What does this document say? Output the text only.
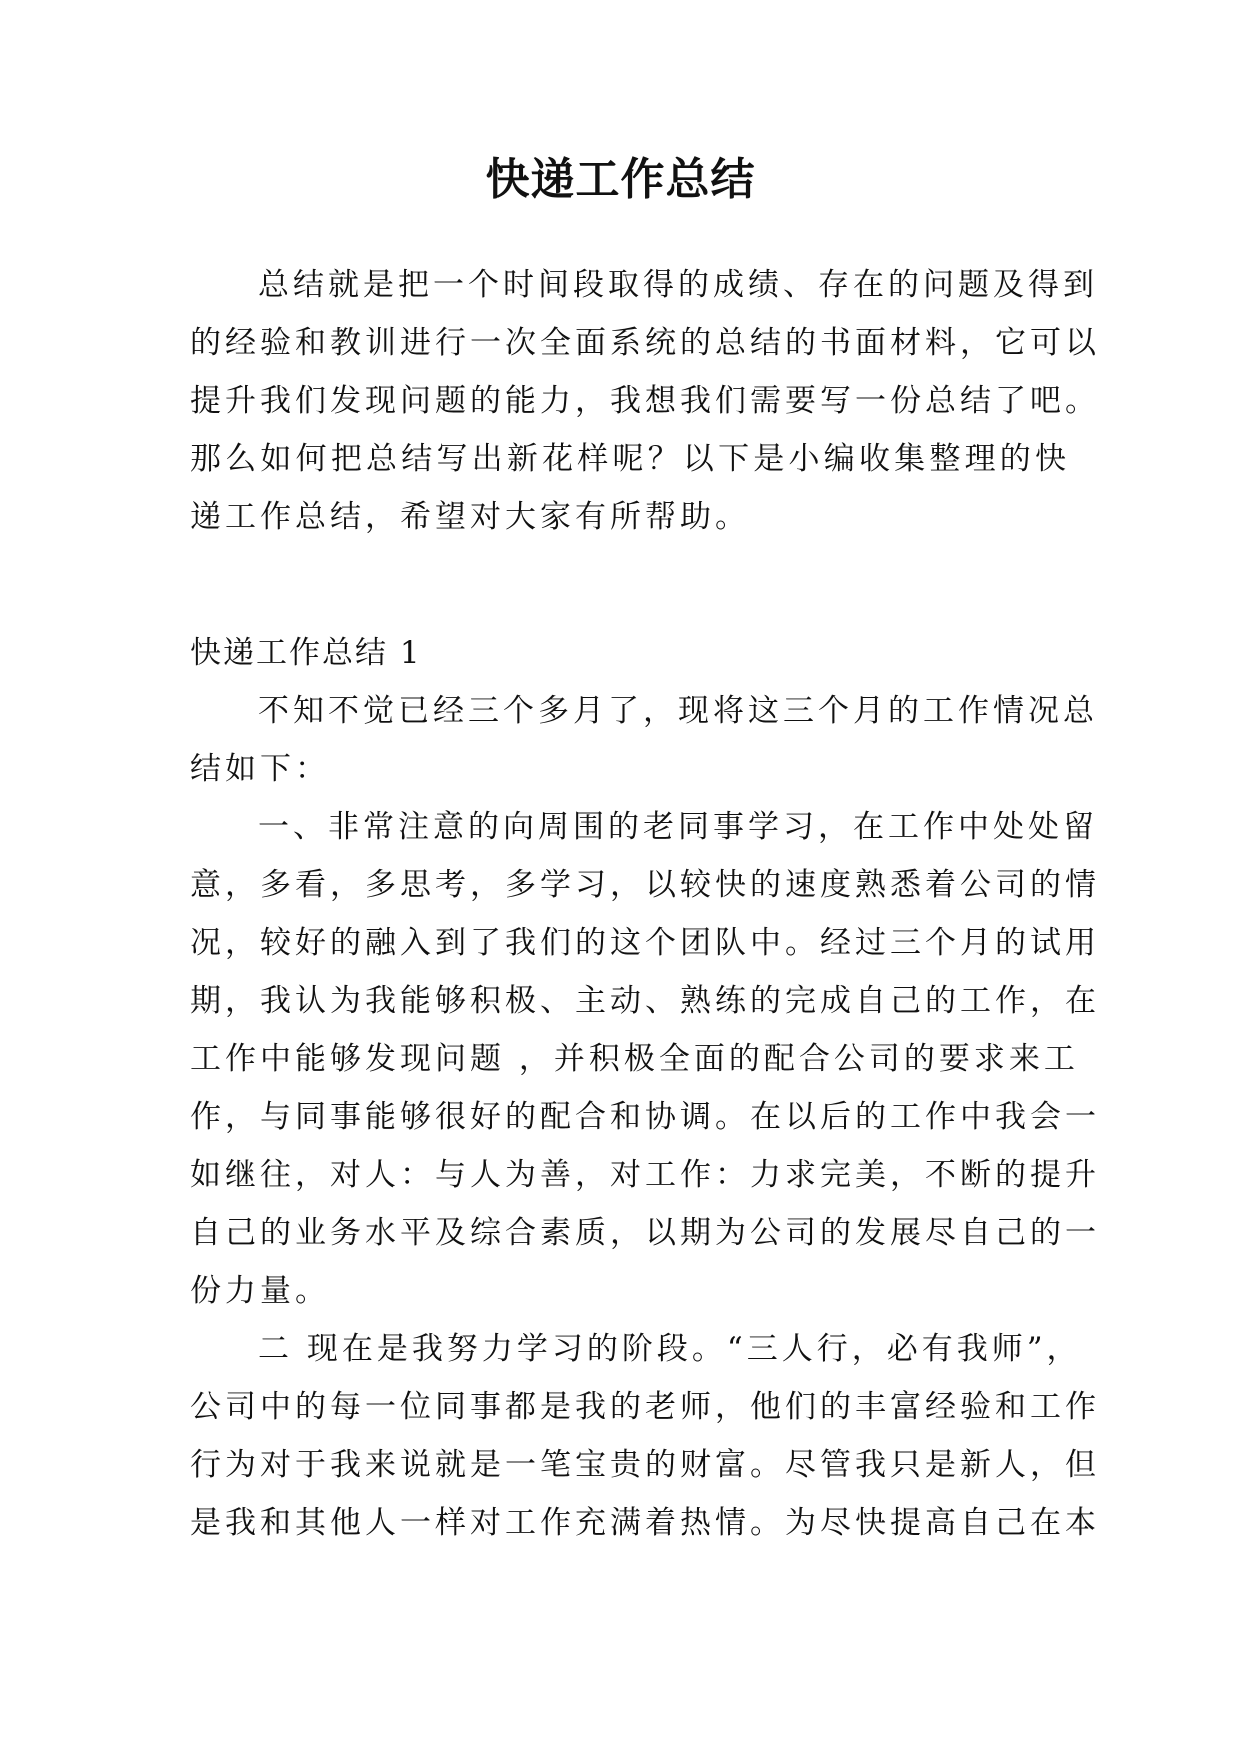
快递工作总结
总结就是把一个时间段取得的成绩、存在的问题及得到
的经验和教训进行一次全面系统的总结的书面材料，它可以
提升我们发现问题的能力，我想我们需要写一份总结了吧。
那么如何把总结写出新花样呢？以下是小编收集整理的快
递工作总结，希望对大家有所帮助。
快递工作总结 1
不知不觉已经三个多月了，现将这三个月的工作情况总
结如下：
一、非常注意的向周围的老同事学习，在工作中处处留
意，多看，多思考，多学习，以较快的速度熟悉着公司的情
况，较好的融入到了我们的这个团队中。经过三个月的试用
期，我认为我能够积极、主动、熟练的完成自己的工作，在
工作中能够发现问题 ，并积极全面的配合公司的要求来工
作，与同事能够很好的配合和协调。在以后的工作中我会一
如继往，对人：与人为善，对工作：力求完美，不断的提升
自己的业务水平及综合素质，以期为公司的发展尽自己的一
份力量。
二 现在是我努力学习的阶段。“三人行，必有我师”，
公司中的每一位同事都是我的老师，他们的丰富经验和工作
行为对于我来说就是一笔宝贵的财富。尽管我只是新人，但
是我和其他人一样对工作充满着热情。为尽快提高自己在本
